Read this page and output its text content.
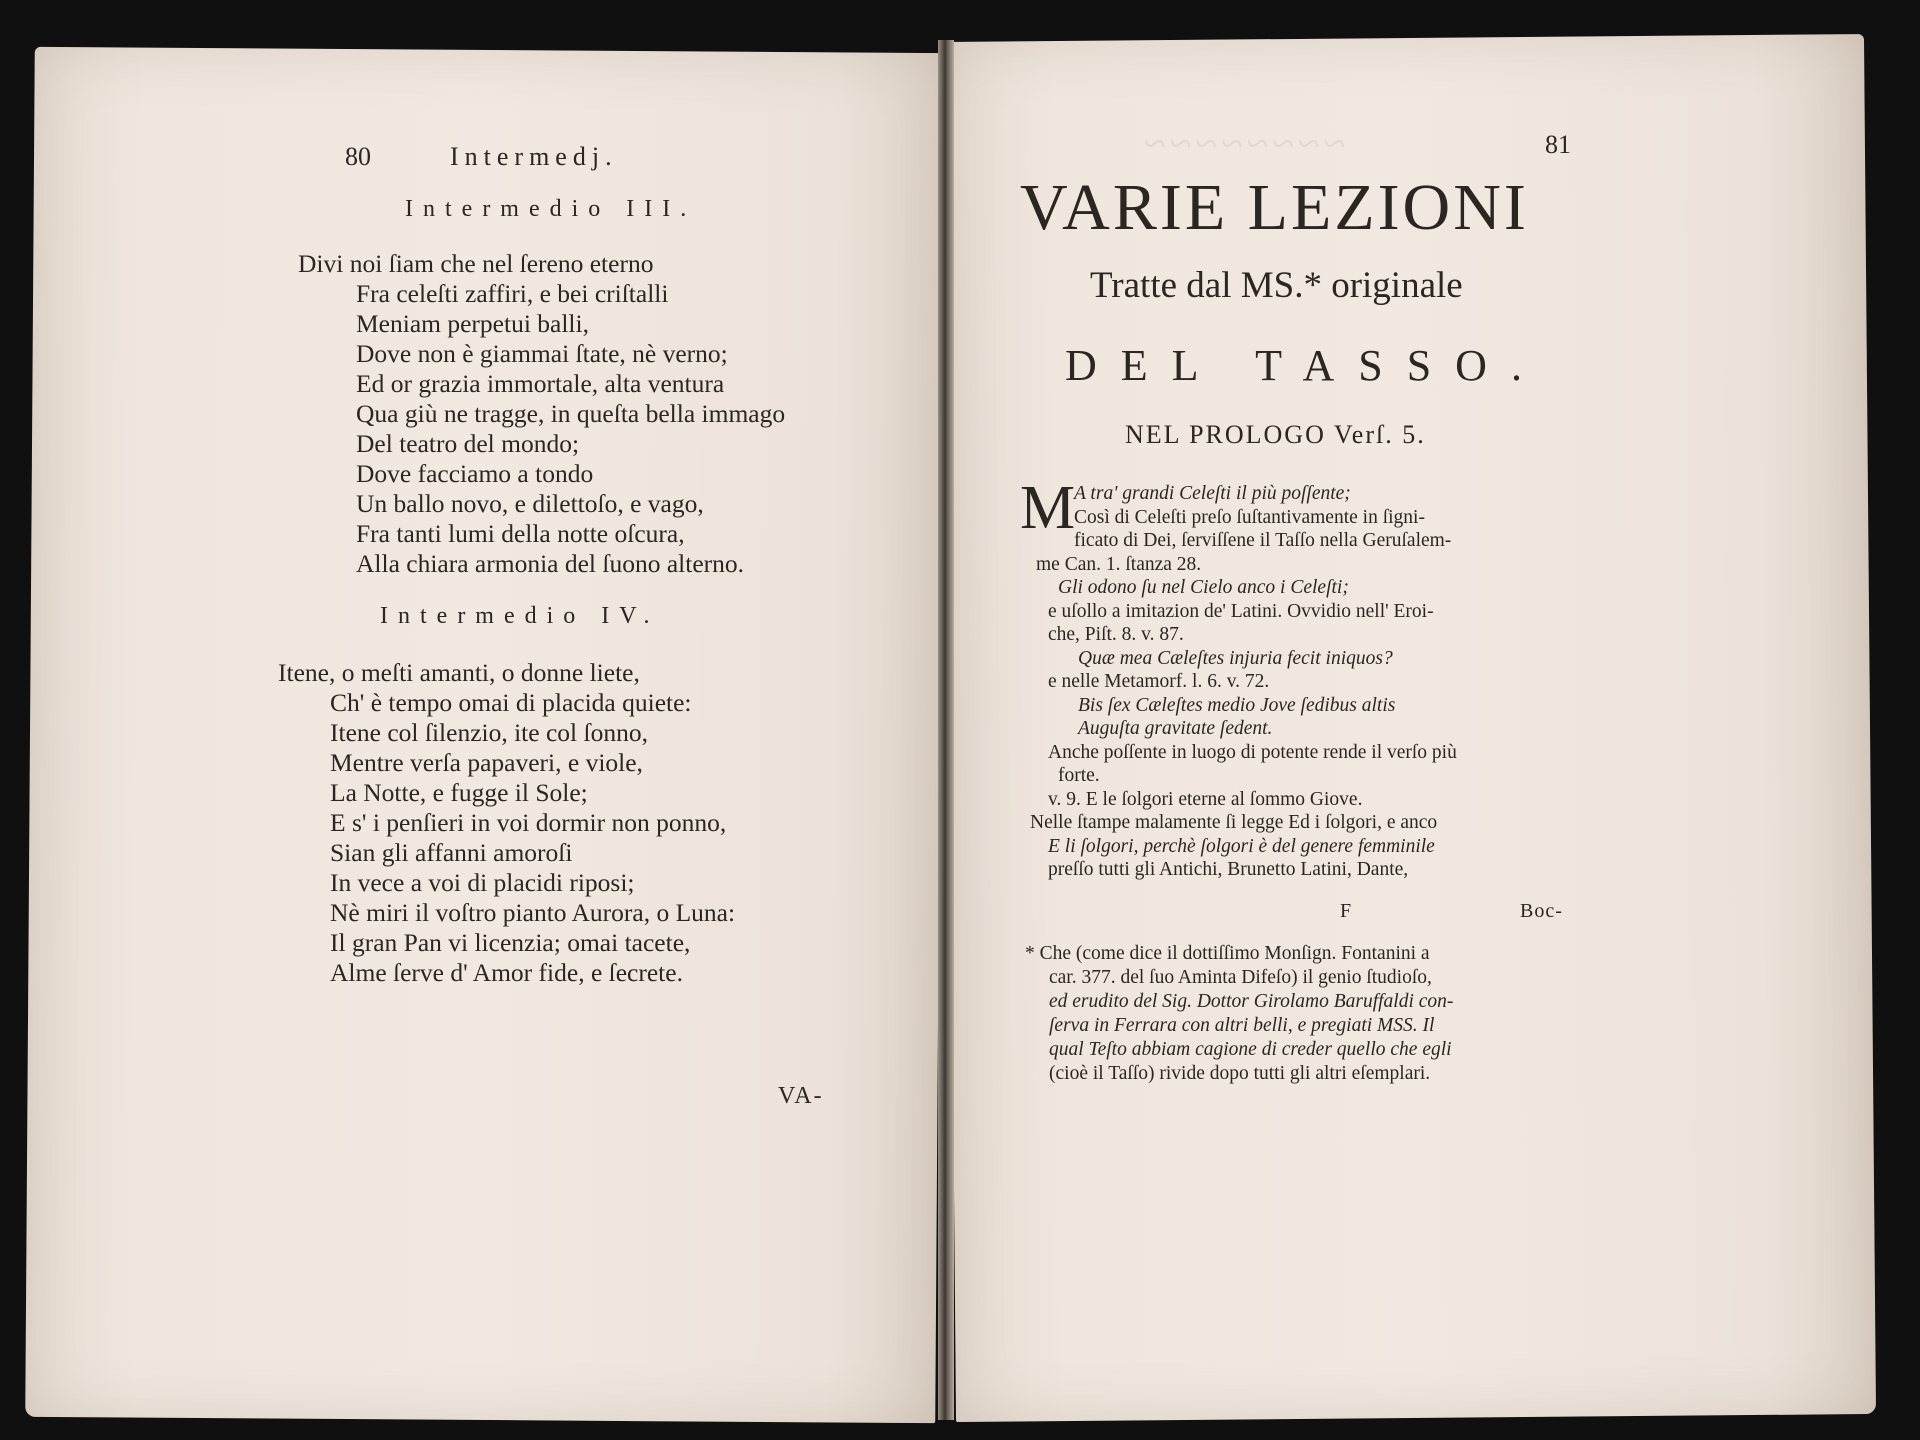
~~~~~~~~
80	Intermedj.
Intermedio III.
Divi noi ſiam che nel ſereno eterno
Fra celeſti zaffiri, e bei criſtalli
Meniam perpetui balli,
Dove non è giammai ſtate, nè verno;
Ed or grazia immortale, alta ventura
Qua giù ne tragge, in queſta bella immago
Del teatro del mondo;
Dove facciamo a tondo
Un ballo novo, e dilettoſo, e vago,
Fra tanti lumi della notte oſcura,
Alla chiara armonia del ſuono alterno.
Intermedio IV.
Itene, o meſti amanti, o donne liete,
Ch' è tempo omai di placida quiete:
Itene col ſilenzio, ite col ſonno,
Mentre verſa papaveri, e viole,
La Notte, e fugge il Sole;
E s' i penſieri in voi dormir non ponno,
Sian gli affanni amoroſi
In vece a voi di placidi riposi;
Nè miri il voſtro pianto Aurora, o Luna:
Il gran Pan vi licenzia; omai tacete,
Alme ſerve d' Amor fide, e ſecrete.
VA-
81
VARIE LEZIONI
Tratte dal MS.* originale
DEL TASSO.
NEL PROLOGO Verſ. 5.
M
A tra' grandi Celeſti il più poſſente;
Così di Celeſti preſo ſuſtantivamente in ſigni-
ficato di Dei, ſerviſſene il Taſſo nella Geruſalem-
me Can. 1. ſtanza 28.
Gli odono ſu nel Cielo anco i Celeſti;
e uſollo a imitazion de' Latini. Ovvidio nell' Eroi-
che, Piſt. 8. v. 87.
Quæ mea Cæleſtes injuria fecit iniquos?
e nelle Metamorf. l. 6. v. 72.
Bis ſex Cæleſtes medio Jove ſedibus altis
Auguſta gravitate ſedent.
Anche poſſente in luogo di potente rende il verſo più
forte.
v. 9. E le ſolgori eterne al ſommo Giove.
Nelle ſtampe malamente ſi legge Ed i ſolgori, e anco
E li ſolgori, perchè ſolgori è del genere femminile
preſſo tutti gli Antichi, Brunetto Latini, Dante,
F	Boc-
* Che (come dice il dottiſſimo Monſign. Fontanini a
car. 377. del ſuo Aminta Difeſo) il genio ſtudioſo,
ed erudito del Sig. Dottor Girolamo Baruffaldi con-
ſerva in Ferrara con altri belli, e pregiati MSS. Il
qual Teſto abbiam cagione di creder quello che egli
(cioè il Taſſo) rivide dopo tutti gli altri eſemplari.
